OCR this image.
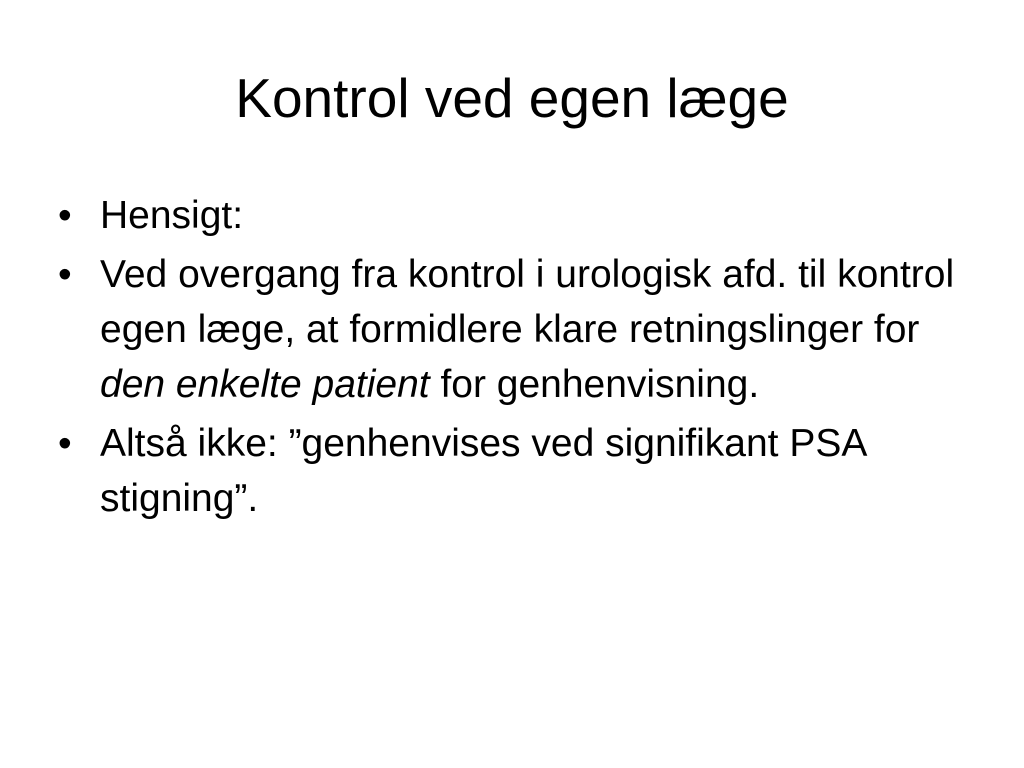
Kontrol ved egen læge
• Hensigt:
• Ved overgang fra kontrol i urologisk afd. til kontrol egen læge, at formidlere klare retningslinger for den enkelte patient for genhenvisning.
• Altså ikke: ”genhenvises ved signifikant PSA stigning”.
